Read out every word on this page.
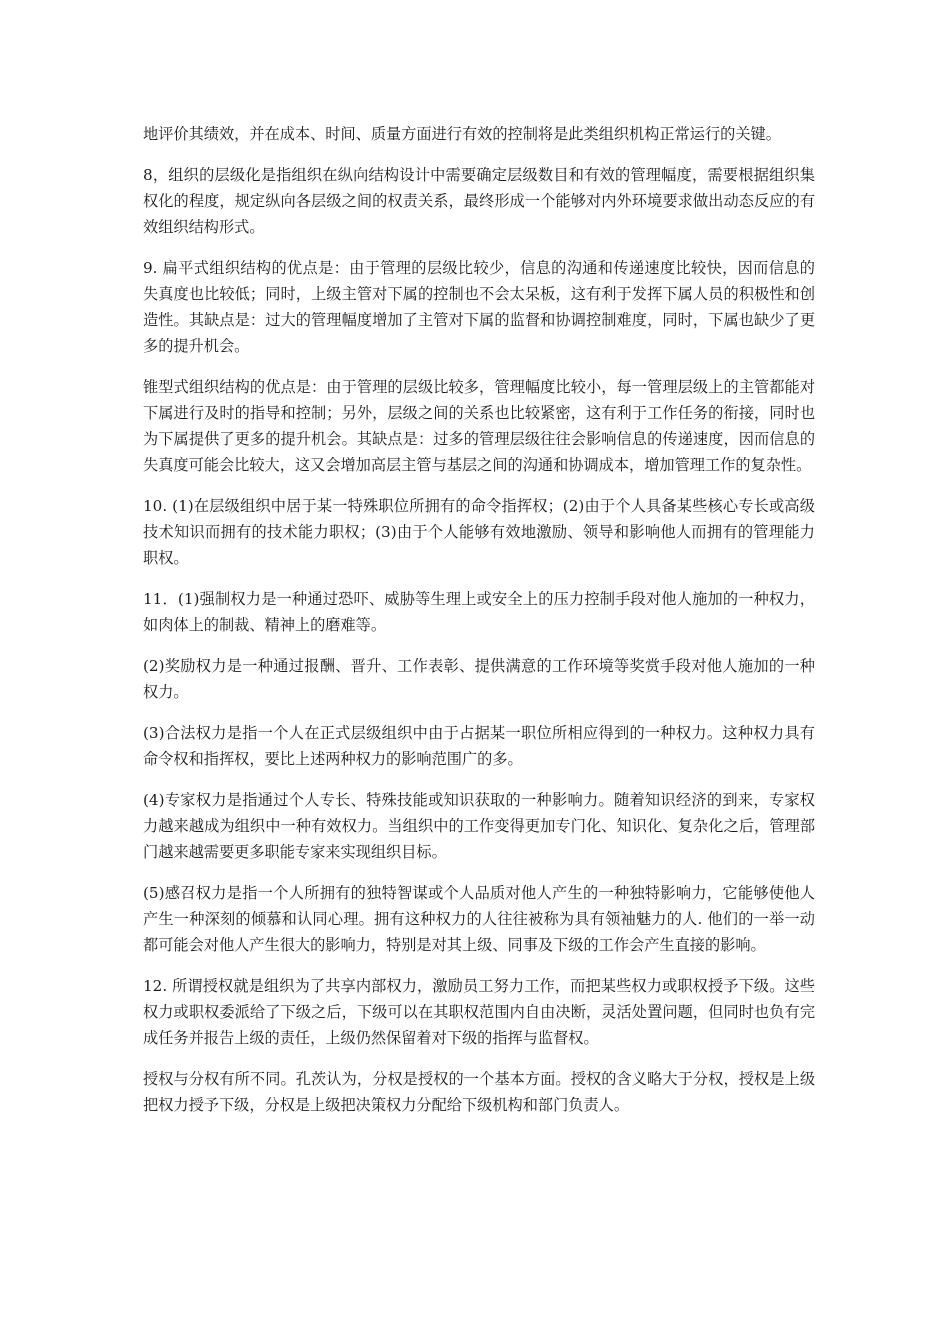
地评价其绩效，并在成本、时间、质量方面进行有效的控制将是此类组织机构正常运行的关键。

8，组织的层级化是指组织在纵向结构设计中需要确定层级数目和有效的管理幅度，需要根据组织集权化的程度，规定纵向各层级之间的权责关系，最终形成一个能够对内外环境要求做出动态反应的有效组织结构形式。

9. 扁平式组织结构的优点是：由于管理的层级比较少，信息的沟通和传递速度比较快，因而信息的失真度也比较低；同时，上级主管对下属的控制也不会太呆板，这有利于发挥下属人员的积极性和创造性。其缺点是：过大的管理幅度增加了主管对下属的监督和协调控制难度，同时，下属也缺少了更多的提升机会。

锥型式组织结构的优点是：由于管理的层级比较多，管理幅度比较小，每一管理层级上的主管都能对下属进行及时的指导和控制；另外，层级之间的关系也比较紧密，这有利于工作任务的衔接，同时也为下属提供了更多的提升机会。其缺点是：过多的管理层级往往会影响信息的传递速度，因而信息的失真度可能会比较大，这又会增加高层主管与基层之间的沟通和协调成本，增加管理工作的复杂性。

10. (1)在层级组织中居于某一特殊职位所拥有的命令指挥权；(2)由于个人具备某些核心专长或高级技术知识而拥有的技术能力职权；(3)由于个人能够有效地激励、领导和影响他人而拥有的管理能力职权。

11．(1)强制权力是一种通过恐吓、威胁等生理上或安全上的压力控制手段对他人施加的一种权力，如肉体上的制裁、精神上的磨难等。

(2)奖励权力是一种通过报酬、晋升、工作表彰、提供满意的工作环境等奖赏手段对他人施加的一种权力。

(3)合法权力是指一个人在正式层级组织中由于占据某一职位所相应得到的一种权力。这种权力具有命令权和指挥权，要比上述两种权力的影响范围广的多。

(4)专家权力是指通过个人专长、特殊技能或知识获取的一种影响力。随着知识经济的到来，专家权力越来越成为组织中一种有效权力。当组织中的工作变得更加专门化、知识化、复杂化之后，管理部门越来越需要更多职能专家来实现组织目标。

(5)感召权力是指一个人所拥有的独特智谋或个人品质对他人产生的一种独特影响力，它能够使他人产生一种深刻的倾慕和认同心理。拥有这种权力的人往往被称为具有领袖魅力的人. 他们的一举一动都可能会对他人产生很大的影响力，特别是对其上级、同事及下级的工作会产生直接的影响。

12. 所谓授权就是组织为了共享内部权力，激励员工努力工作，而把某些权力或职权授予下级。这些权力或职权委派给了下级之后，下级可以在其职权范围内自由决断，灵活处置问题，但同时也负有完成任务并报告上级的责任，上级仍然保留着对下级的指挥与监督权。

授权与分权有所不同。孔茨认为，分权是授权的一个基本方面。授权的含义略大于分权，授权是上级把权力授予下级，分权是上级把决策权力分配给下级机构和部门负责人。
